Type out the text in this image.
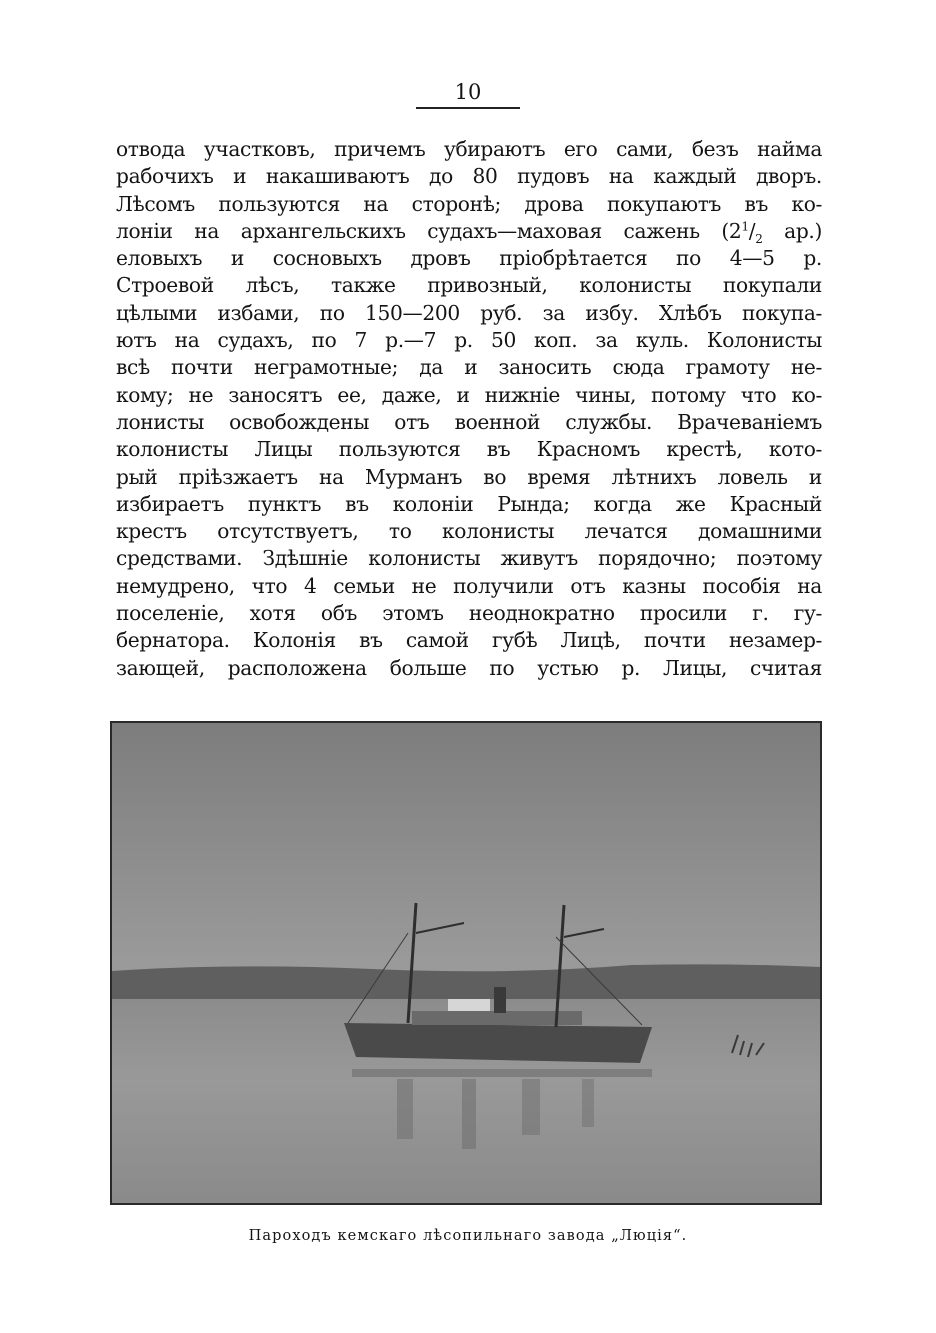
10
отвода участковъ, причемъ убираютъ его сами, безъ найма
рабочихъ и накашиваютъ до 80 пудовъ на каждый дворъ.
Лѣсомъ пользуются на сторонѣ; дрова покупаютъ въ ко-
лоніи на архангельскихъ судахъ—маховая сажень ($2^1/_2$ ар.)
еловыхъ и сосновыхъ дровъ пріобрѣтается по 4—5 р.
Строевой лѣсъ, также привозный, колонисты покупали
цѣлыми избами, по 150—200 руб. за избу. Хлѣбъ покупа-
ютъ на судахъ, по 7 р.—7 р. 50 коп. за куль. Колонисты
всѣ почти неграмотные; да и заносить сюда грамоту не-
кому; не заносятъ ее, даже, и нижніе чины, потому что ко-
лонисты освобождены отъ военной службы. Врачеваніемъ
колонисты Лицы пользуются въ Красномъ крестѣ, кото-
рый пріѣзжаетъ на Мурманъ во время лѣтнихъ ловель и
избираетъ пунктъ въ колоніи Рында; когда же Красный
крестъ отсутствуетъ, то колонисты лечатся домашними
средствами. Здѣшніе колонисты живутъ порядочно; поэтому
немудрено, что 4 семьи не получили отъ казны пособія на
поселеніе, хотя объ этомъ неоднократно просили г. гу-
бернатора. Колонія въ самой губѣ Лицѣ, почти незамер-
зающей, расположена больше по устью р. Лицы, считая
Пароходъ кемскаго лѣсопильнаго завода „Люція“.
